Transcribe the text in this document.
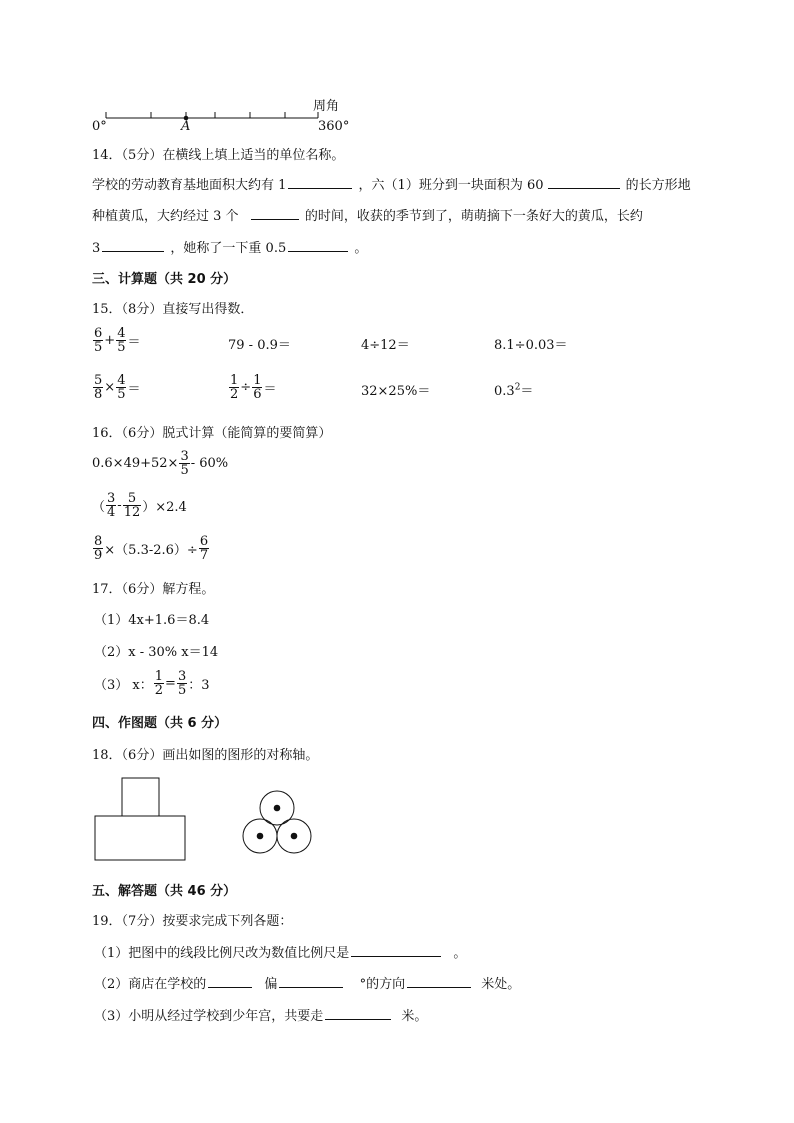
周角
0°	A	360°
14．（5分）在横线上填上适当的单位名称。
学校的劳动教育基地面积大约有 1	，六（1）班分到一块面积为 60	的长方形地
种植黄瓜，大约经过 3 个	的时间，收获的季节到了，萌萌摘下一条好大的黄瓜，长约
3	，她称了一下重 0.5	。
三、计算题（共 20 分）
15．（8分）直接写出得数．
$\frac{6}{5} + \frac{4}{5}$ ＝	79 - 0.9＝	4÷12＝	8.1÷0.03＝
$\frac{5}{8} \times \frac{4}{5}$ ＝	$\frac{1}{2} \div \frac{1}{6}$ ＝	32×25%＝	$0.3^2=$
16．（6分）脱式计算（能简算的要简算）
$0.6\times 49+52\times \frac{3}{5} - 60\%$
（ $\frac{3}{4} - \frac{5}{12} )\times 2.4$
$\frac{8}{9} \times(5.3-2.6)\div \frac{6}{7}$
17．（6分）解方程。
（1）4x+1.6＝8.4
（2）x - 30% x＝14
（3） x： $\frac{1}{2} = \frac{3}{5}$ ：3
四、作图题（共 6 分）
18．（6分）画出如图的图形的对称轴。
五、解答题（共 46 分）
19．（7分）按要求完成下列各题：
（1）把图中的线段比例尺改为数值比例尺是	。
（2）商店在学校的	偏	°的方向	米处。
（3）小明从经过学校到少年宫，共要走	米。
